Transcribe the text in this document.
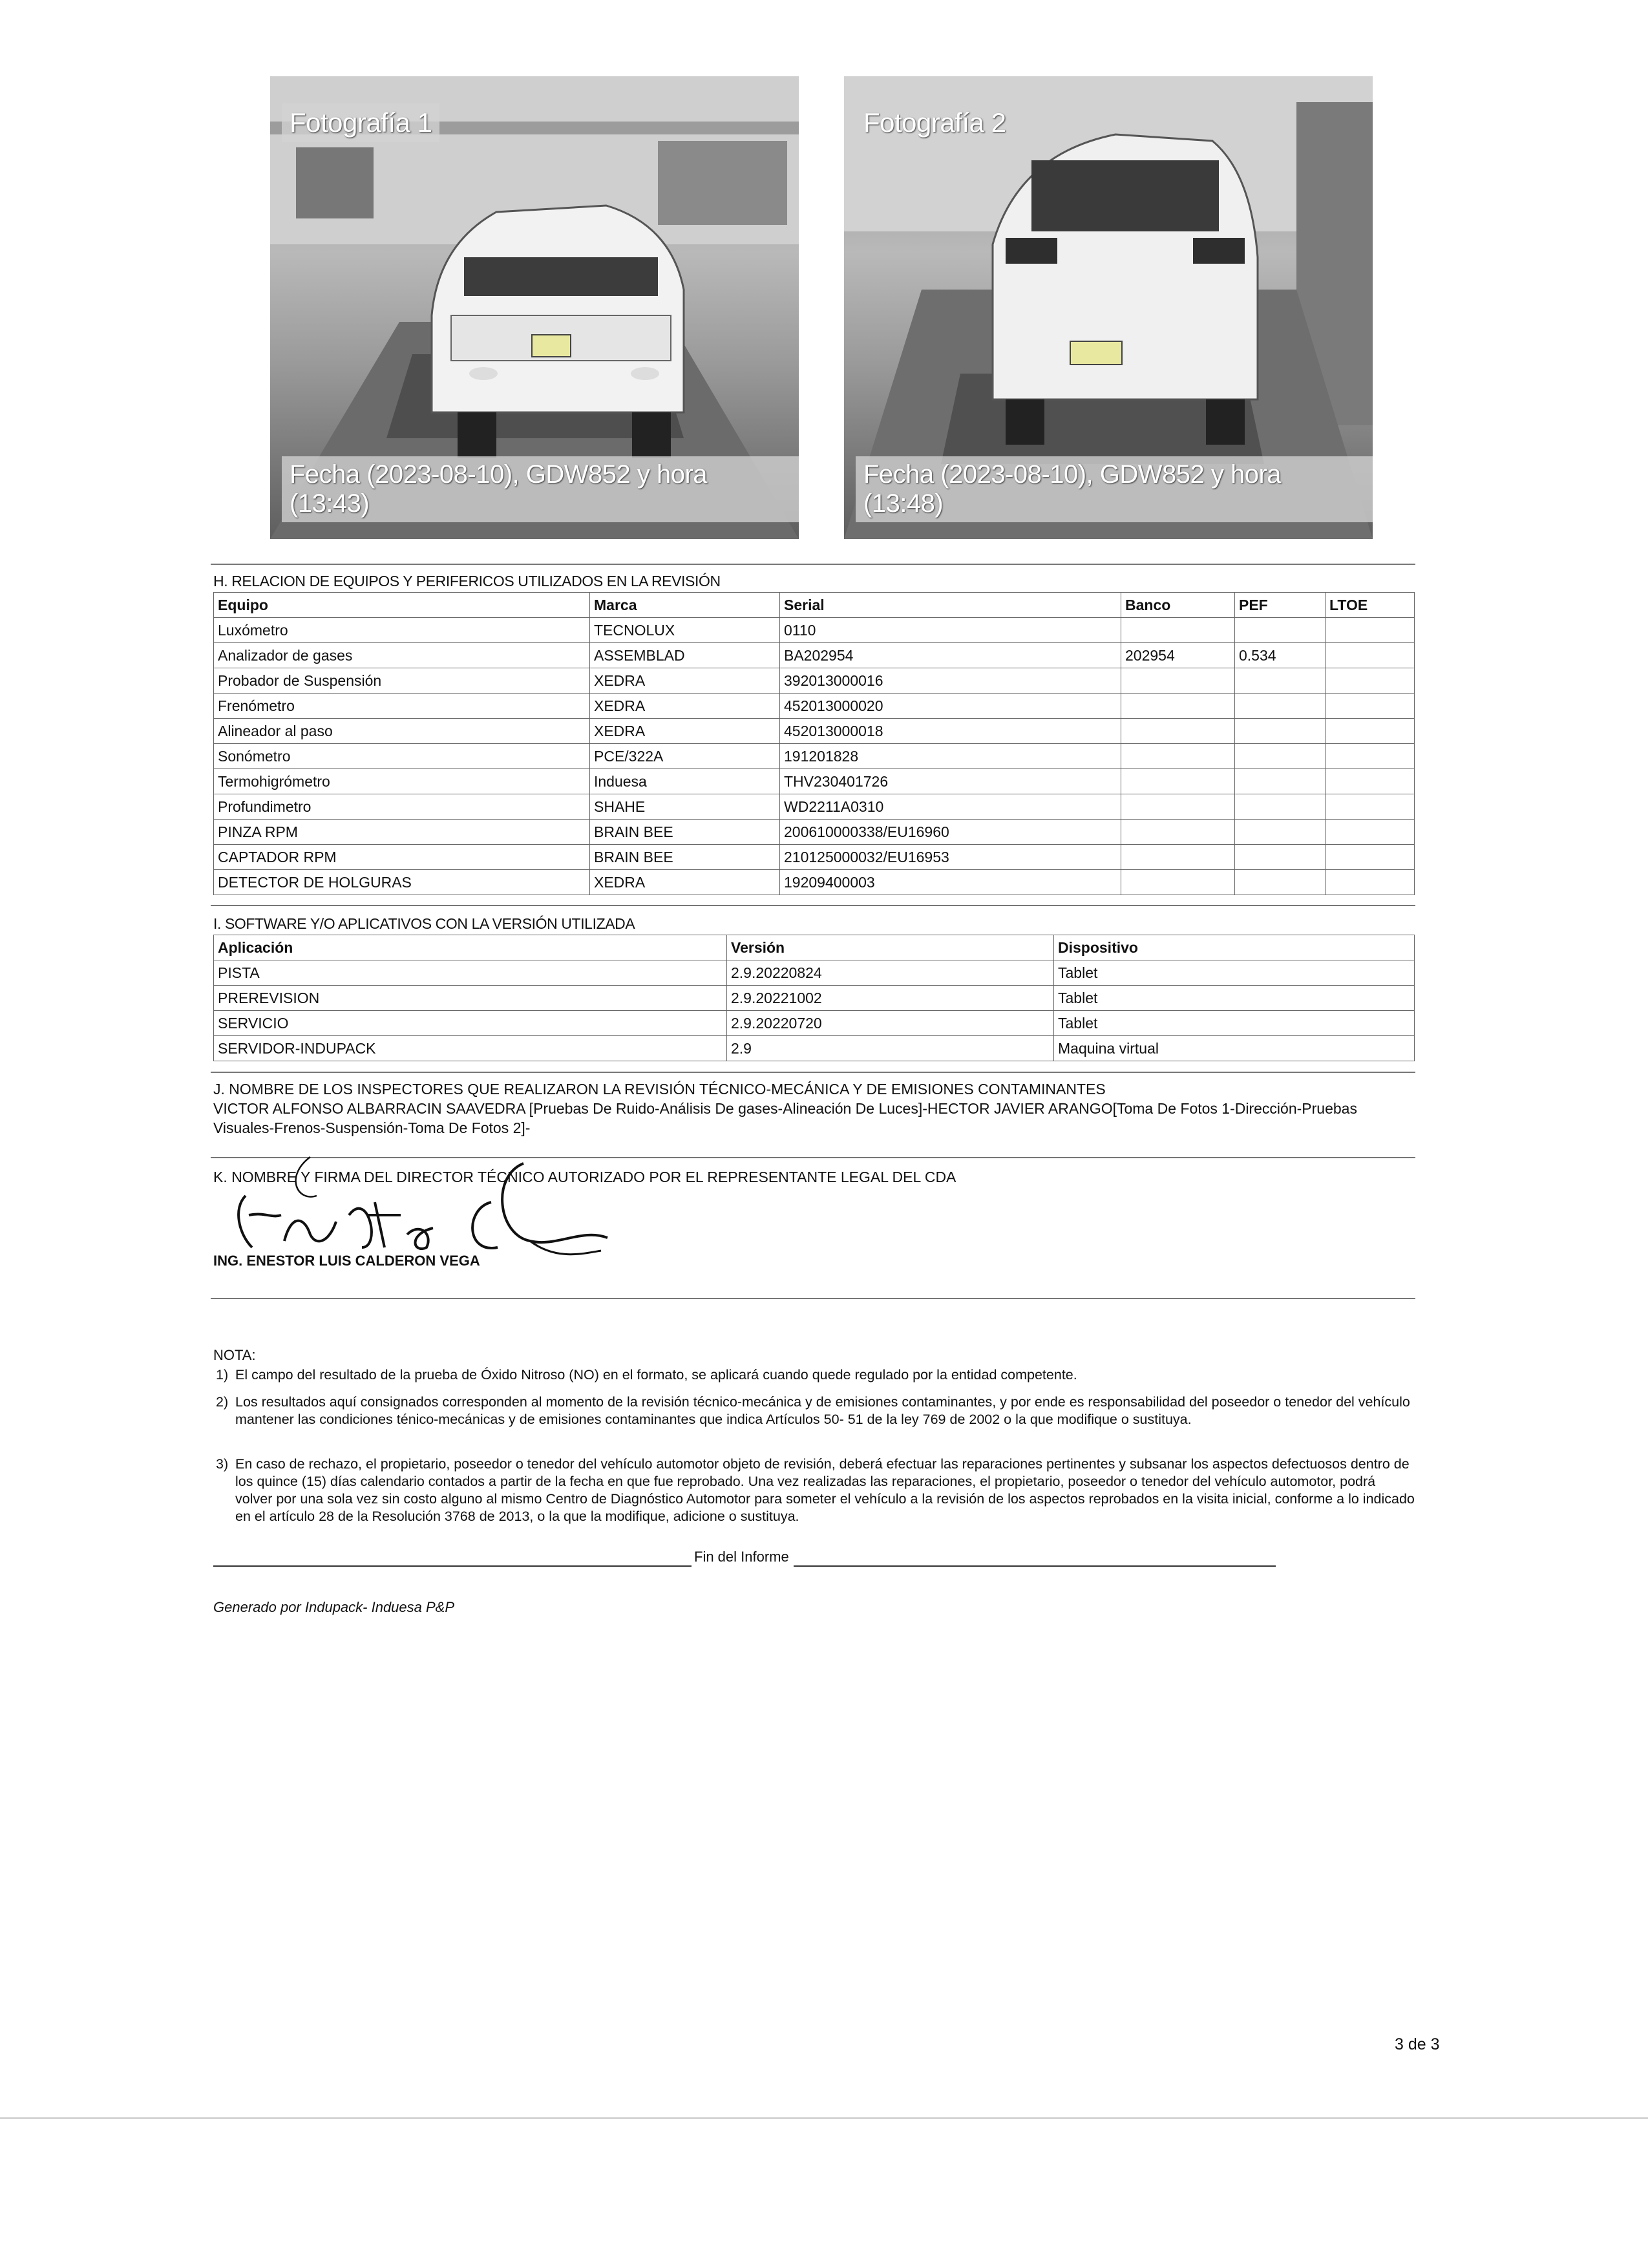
Fotografía 1
Fecha (2023-08-10), GDW852 y hora (13:43)
Fotografía 2
Fecha (2023-08-10), GDW852 y hora (13:48)
H. RELACION DE EQUIPOS Y PERIFERICOS UTILIZADOS EN LA REVISIÓN
Equipo	Marca	Serial	Banco	PEF	LTOE
Luxómetro	TECNOLUX	0110			
Analizador de gases	ASSEMBLAD	BA202954	202954	0.534	
Probador de Suspensión	XEDRA	392013000016			
Frenómetro	XEDRA	452013000020			
Alineador al paso	XEDRA	452013000018			
Sonómetro	PCE/322A	191201828			
Termohigrómetro	Induesa	THV230401726			
Profundimetro	SHAHE	WD2211A0310			
PINZA RPM	BRAIN BEE	200610000338/EU16960			
CAPTADOR RPM	BRAIN BEE	210125000032/EU16953			
DETECTOR DE HOLGURAS	XEDRA	19209400003			
I. SOFTWARE Y/O APLICATIVOS CON LA VERSIÓN UTILIZADA
Aplicación	Versión	Dispositivo
PISTA	2.9.20220824	Tablet
PREREVISION	2.9.20221002	Tablet
SERVICIO	2.9.20220720	Tablet
SERVIDOR-INDUPACK	2.9	Maquina virtual
J. NOMBRE DE LOS INSPECTORES QUE REALIZARON LA REVISIÓN TÉCNICO-MECÁNICA Y DE EMISIONES CONTAMINANTES
VICTOR ALFONSO ALBARRACIN SAAVEDRA [Pruebas De Ruido-Análisis De gases-Alineación De Luces]-HECTOR JAVIER ARANGO[Toma De Fotos 1-Dirección-Pruebas
Visuales-Frenos-Suspensión-Toma De Fotos 2]-
K. NOMBRE Y FIRMA DEL DIRECTOR TÉCNICO AUTORIZADO POR EL REPRESENTANTE LEGAL DEL CDA
ING. ENESTOR LUIS CALDERON VEGA
NOTA:
1) El campo del resultado de la prueba de Óxido Nitroso (NO) en el formato, se aplicará cuando quede regulado por la entidad competente.
2) Los resultados aquí consignados corresponden al momento de la revisión técnico-mecánica y de emisiones contaminantes, y por ende es responsabilidad del poseedor o tenedor del vehículo mantener las condiciones ténico-mecánicas y de emisiones contaminantes que indica Artículos 50- 51 de la ley 769 de 2002 o la que modifique o sustituya.
3) En caso de rechazo, el propietario, poseedor o tenedor del vehículo automotor objeto de revisión, deberá efectuar las reparaciones pertinentes y subsanar los aspectos defectuosos dentro de los quince (15) días calendario contados a partir de la fecha en que fue reprobado. Una vez realizadas las reparaciones, el propietario, poseedor o tenedor del vehículo automotor, podrá volver por una sola vez sin costo alguno al mismo Centro de Diagnóstico Automotor para someter el vehículo a la revisión de los aspectos reprobados en la visita inicial, conforme a lo indicado en el artículo 28 de la Resolución 3768 de 2013, o la que la modifique, adicione o sustituya.
Fin del Informe
Generado por Indupack- Induesa P&P
3 de 3
